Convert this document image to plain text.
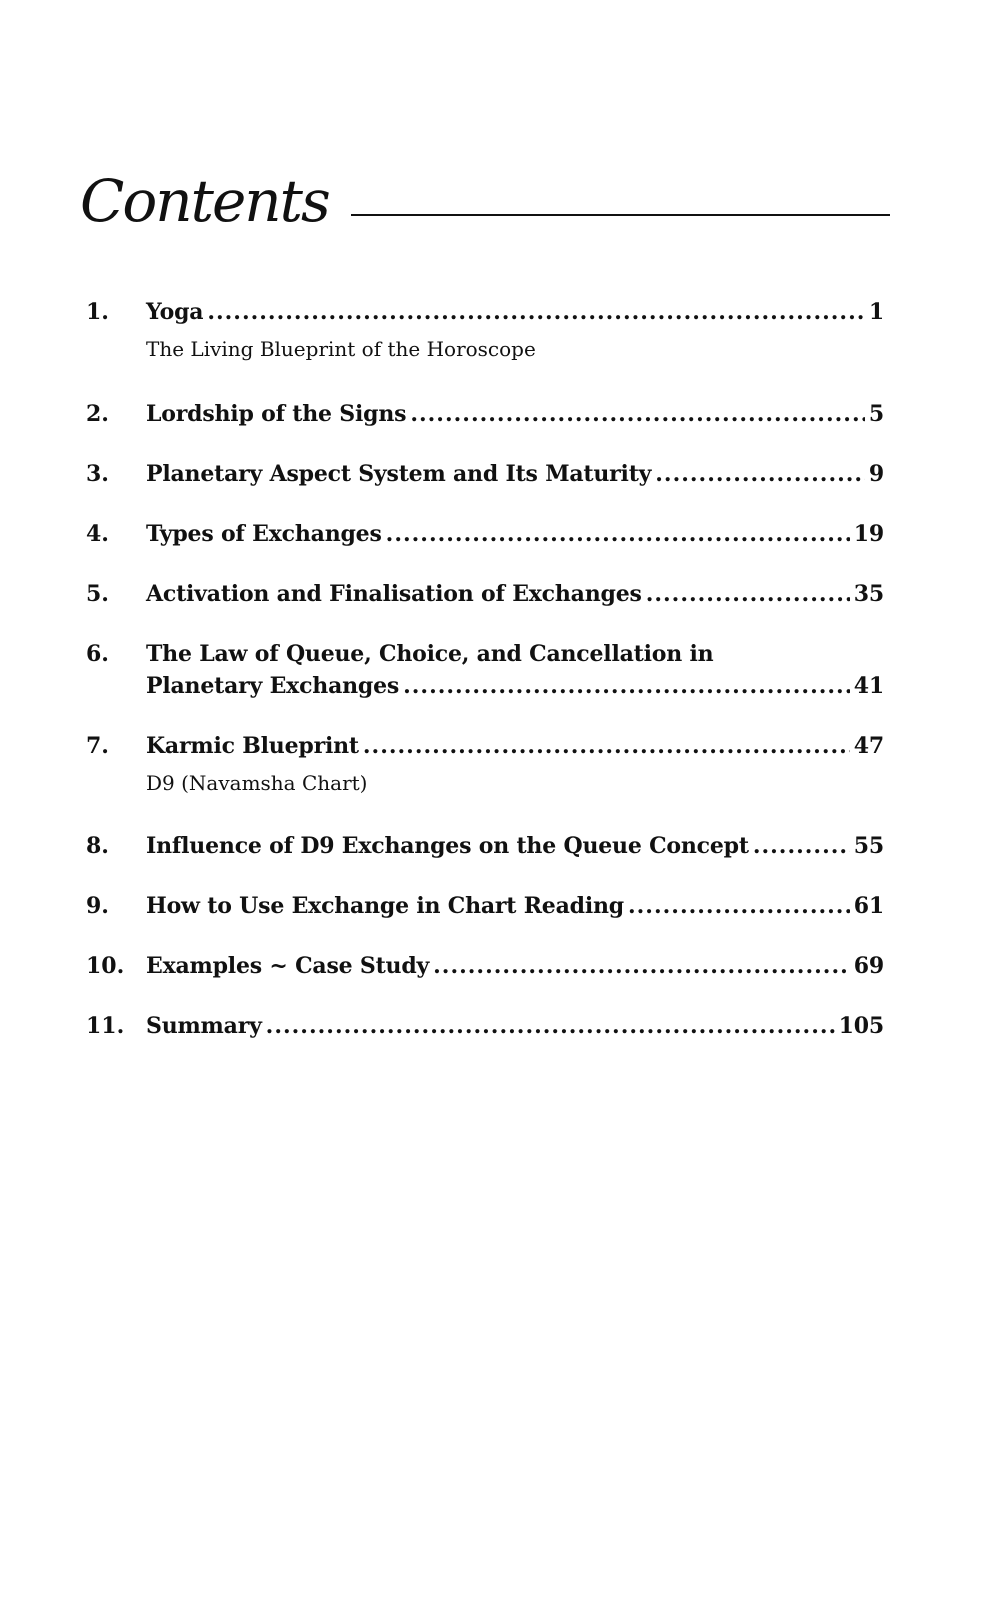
Contents
1.	Yoga .....	1
The Living Blueprint of the Horoscope
2.	Lordship of the Signs .....	5
3.	Planetary Aspect System and Its Maturity .....	9
4.	Types of Exchanges .....	19
5.	Activation and Finalisation of Exchanges .....	35
6.	The Law of Queue, Choice, and Cancellation in
Planetary Exchanges .....	41
7.	Karmic Blueprint .....	47
D9 (Navamsha Chart)
8.	Influence of D9 Exchanges on the Queue Concept .....	55
9.	How to Use Exchange in Chart Reading .....	61
10. Examples ~ Case Study .....	69
11. Summary .....	105
